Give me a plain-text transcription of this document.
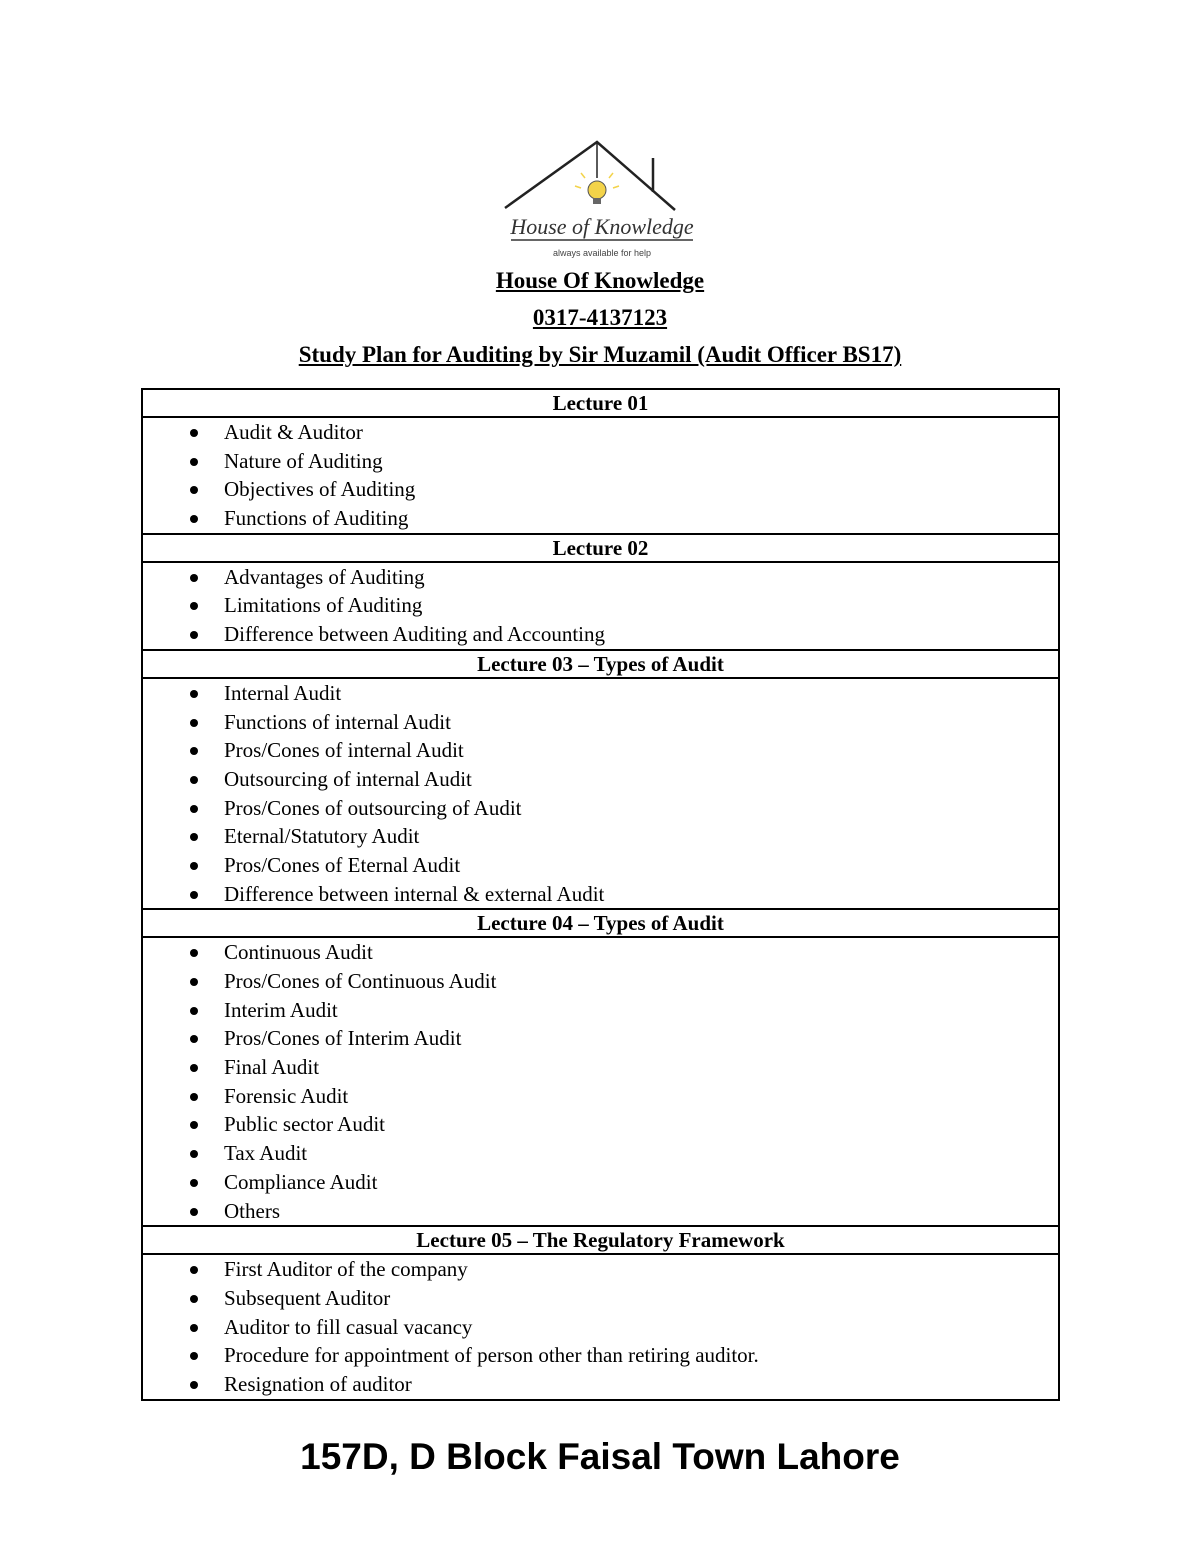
House of Knowledge
always available for help
House Of Knowledge
0317-4137123
Study Plan for Auditing by Sir Muzamil (Audit Officer BS17)
Lecture 01

Audit & Auditor
Nature of Auditing
Objectives of Auditing
Functions of Auditing

Lecture 02

Advantages of Auditing
Limitations of Auditing
Difference between Auditing and Accounting

Lecture 03 – Types of Audit

Internal Audit
Functions of internal Audit
Pros/Cones of internal Audit
Outsourcing of internal Audit
Pros/Cones of outsourcing of Audit
Eternal/Statutory Audit
Pros/Cones of Eternal Audit
Difference between internal & external Audit

Lecture 04 – Types of Audit

Continuous Audit
Pros/Cones of Continuous Audit
Interim Audit
Pros/Cones of Interim Audit
Final Audit
Forensic Audit
Public sector Audit
Tax Audit
Compliance Audit
Others

Lecture 05 – The Regulatory Framework

First Auditor of the company
Subsequent Auditor
Auditor to fill casual vacancy
Procedure for appointment of person other than retiring auditor.
Resignation of auditor
157D, D Block Faisal Town Lahore
